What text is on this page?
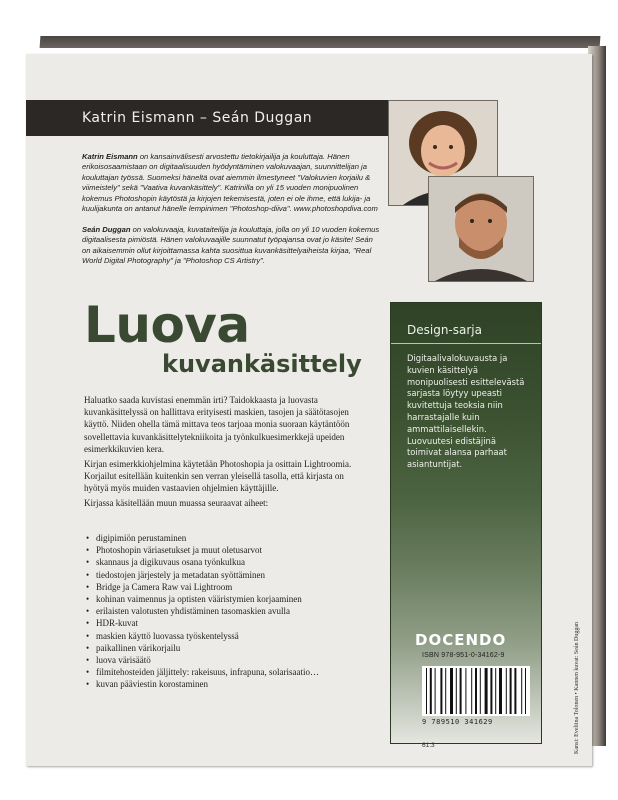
Katrin Eismann – Seán Duggan
Katrin Eismann on kansainvälisesti arvostettu tietokirjailija ja kouluttaja. Hänen erikoisosaamistaan on digitaalisuuden hyödyntäminen valokuvaajan, suunnittelijan ja kouluttajan työssä. Suomeksi häneltä ovat aiemmin ilmestyneet "Valokuvien korjailu & viimeistely" sekä "Vaativa kuvankäsittely". Katrinilla on yli 15 vuoden monipuolinen kokemus Photoshopin käytöstä ja kirjojen tekemisestä, joten ei ole ihme, että lukija- ja kuulijakunta on antanut hänelle lempinimen "Photoshop-diiva". www.photoshopdiva.com
Seán Duggan on valokuvaaja, kuvataiteilija ja kouluttaja, jolla on yli 10 vuoden kokemus digitaalisesta pimiöstä. Hänen valokuvaajille suunnatut työpajansa ovat jo käsite! Seán on aikaisemmin ollut kirjoittamassa kahta suosittua kuvankäsittelyaiheista kirjaa, "Real World Digital Photography" ja "Photoshop CS Artistry".
Luova
kuvankäsittely
Haluatko saada kuvistasi enemmän irti? Taidokkaasta ja luovasta kuvankäsittelyssä on hallittava erityisesti maskien, tasojen ja säätötasojen käyttö. Niiden ohella tämä mittava teos tarjoaa monia suoraan käytäntöön sovellettavia kuvankäsittelytekniikoita ja työnkulkuesimerkkejä upeiden esimerkkikuvien kera.
Kirjan esimerkkiohjelmina käytetään Photoshopia ja osittain Lightroomia. Korjailut esitellään kuitenkin sen verran yleisellä tasolla, että kirjasta on hyötyä myös muiden vastaavien ohjelmien käyttäjille.
Kirjassa käsitellään muun muassa seuraavat aiheet:
• digipimiön perustaminen
• Photoshopin väriasetukset ja muut oletusarvot
• skannaus ja digikuvaus osana työnkulkua
• tiedostojen järjestely ja metadatan syöttäminen
• Bridge ja Camera Raw vai Lightroom
• kohinan vaimennus ja optisten vääristymien korjaaminen
• erilaisten valotusten yhdistäminen tasomaskien avulla
• HDR-kuvat
• maskien käyttö luovassa työskentelyssä
• paikallinen värikorjailu
• luova värisäätö
• filmitehosteiden jäljittely: rakeisuus, infrapuna, solarisaatio…
• kuvan pääviestin korostaminen
Design-sarja
Digitaalivalokuvausta ja kuvien käsittelyä monipuolisesti esittelevästä sarjasta löytyy upeasti kuvitettuja teoksia niin harrastajalle kuin ammattilaisellekin. Luovuutesi edistäjinä toimivat alansa parhaat asiantuntijat.
DOCENDO
ISBN 978-951-0-34162-9
9 789510 341629
61.3	Kansi: Eveliina Tolonen • Kannen kuvat: Seán Duggan
